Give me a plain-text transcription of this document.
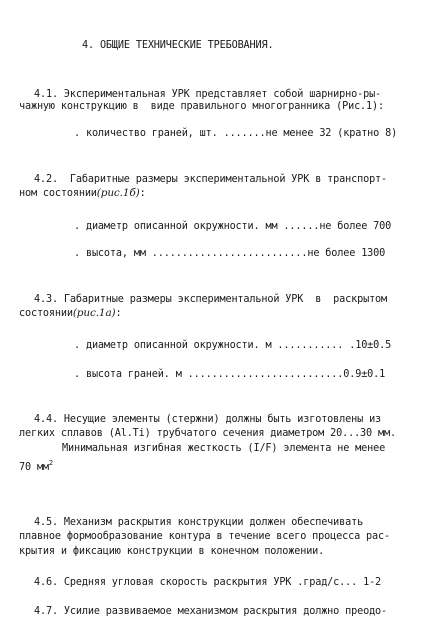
4. ОБЩИЕ ТЕХНИЧЕСКИЕ ТРЕБОВАНИЯ.
4.1. Экспериментальная УРК представляет собой шарнирно-ры-
чажную конструкцию в  виде правильного многогранника (Рис.1):
. количество граней, шт. .......не менее 32 (кратно 8)
4.2.  Габаритные размеры экспериментальной УРК в транспорт-
ном состоянии(рис.1б):
. диаметр описанной окружности. мм ......не более 700
. высота, мм ..........................не более 1300
4.3. Габаритные размеры экспериментальной УРК  в  раскрытом
состоянии(рис.1а):
. диаметр описанной окружности. м ........... .10±0.5
. высота граней. м ..........................0.9±0.1
4.4. Несущие элементы (стержни) должны быть изготовлены из
легких сплавов (Al.Ti) трубчатого сечения диаметром 20...30 мм.
Минимальная изгибная жесткость (I/F) элемента не менее
70 $мм^2$
4.5. Механизм раскрытия конструкции должен обеспечивать
плавное формообразование контура в течение всего процесса рас-
крытия и фиксацию конструкции в конечном положении.
4.6. Средняя угловая скорость раскрытия УРК .град/с... 1-2
4.7. Усилие развиваемое механизмом раскрытия должно преодо-
